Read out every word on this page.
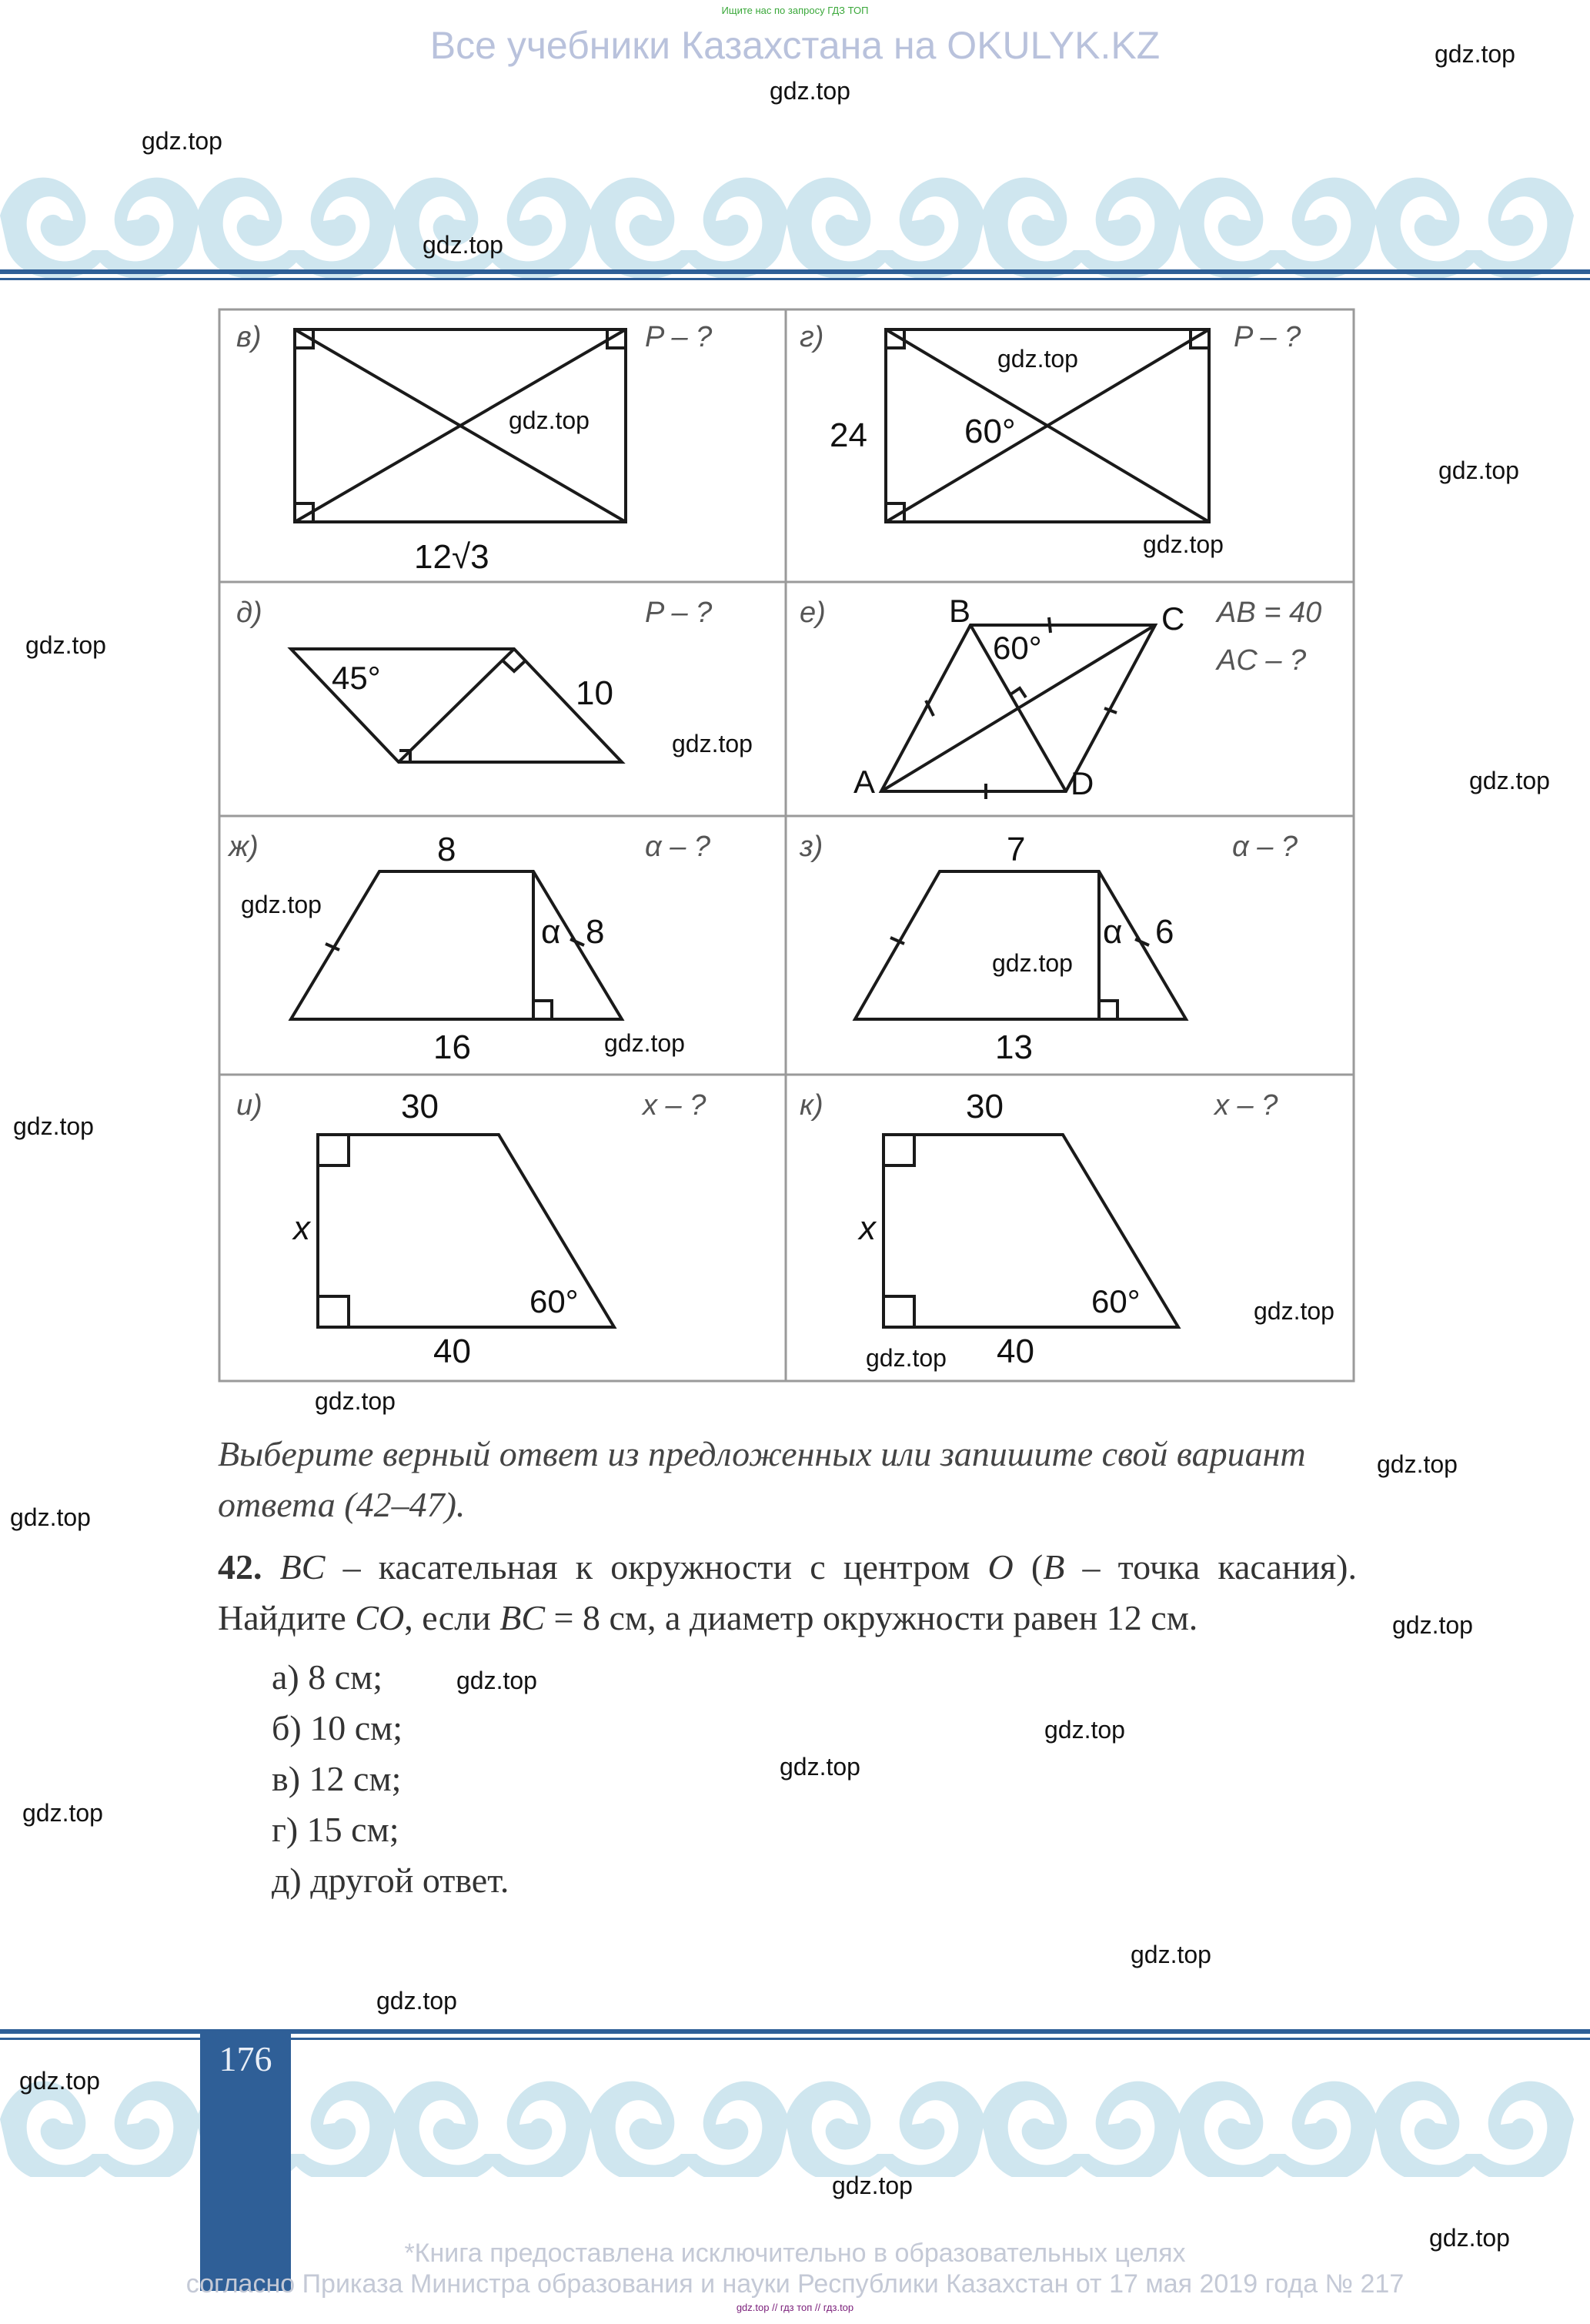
Ищите нас по запросу ГДЗ ТОП
Все учебники Казахстана на OKULYK.KZ
в)	P – ?
12√3
г)	P – ?
24	60°
д)	P – ?
45°	10
е)	AB = 40
AC – ?
60°
B	C
A	D
ж)	α – ?
8
α 8
16
з)	α – ?
7
α 6
13
и)	x – ?
30
x
60°
40
к)	x – ?
30
x
60°
40
Выберите верный ответ из предложенных или запишите свой вариант ответа (42–47).
42. BC – касательная к окружности с центром O (B – точка касания). Найдите CO, если BC = 8 см, а диаметр окружности равен 12 см.
а) 8 см;
б) 10 см;
в) 12 см;
г) 15 см;
д) другой ответ.
176
*Книга предоставлена исключительно в образовательных целях
согласно Приказа Министра образования и науки Республики Казахстан от 17 мая 2019 года № 217
gdz.top // гдз топ // гдз.top
gdz.top
gdz.top
gdz.top
gdz.top
gdz.top
gdz.top
gdz.top
gdz.top
gdz.top
gdz.top
gdz.top
gdz.top
gdz.top
gdz.top
gdz.top
gdz.top
gdz.top
gdz.top
gdz.top
gdz.top
gdz.top
gdz.top
gdz.top
gdz.top
gdz.top
gdz.top
gdz.top
gdz.top
gdz.top
gdz.top
